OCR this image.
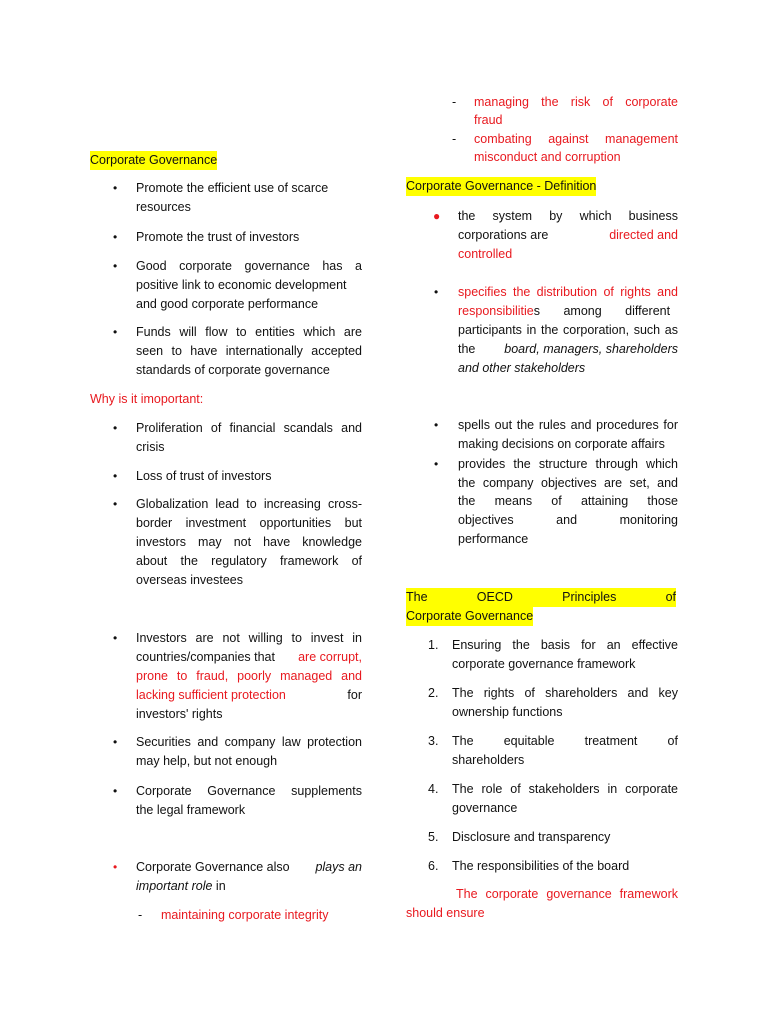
Corporate Governance
• Promote the efficient use of scarce
resources
• Promote the trust of investors
• Good corporate governance has a
positive link to economic development
and good corporate performance
• Funds will flow to entities which are
seen to have internationally accepted
standards of corporate governance
Why is it imoportant:
• Proliferation of financial scandals and
crisis
• Loss of trust of investors
• Globalization lead to increasing cross-
border investment opportunities but
investors may not have knowledge
about the regulatory framework of
overseas investees
• Investors are not willing to invest in
countries/companies that are corrupt,
prone to fraud, poorly managed and
lacking sufficient protection	for
investors' rights
• Securities and company law protection
may help, but not enough
• Corporate Governance supplements
the legal framework
• Corporate Governance also plays an
important role in
- maintaining corporate integrity
- managing the risk of corporate
fraud
- combating against management
misconduct and corruption
Corporate Governance - Definition
● the system by which business
corporations are	directed and
controlled
• specifies the distribution of rights and
responsibilities among different
participants in the corporation, such as
the board, managers, shareholders
and other stakeholders
• spells out the rules and procedures for
making decisions on corporate affairs
• provides the structure through which
the company objectives are set, and
the means of attaining those
objectives and monitoring
performance
The OECD Principles of
Corporate Governance
1. Ensuring the basis for an effective
corporate governance framework
2. The rights of shareholders and key
ownership functions
3. The equitable treatment of
shareholders
4. The role of stakeholders in corporate
governance
5. Disclosure and transparency
6. The responsibilities of the board
The corporate governance framework
should ensure
